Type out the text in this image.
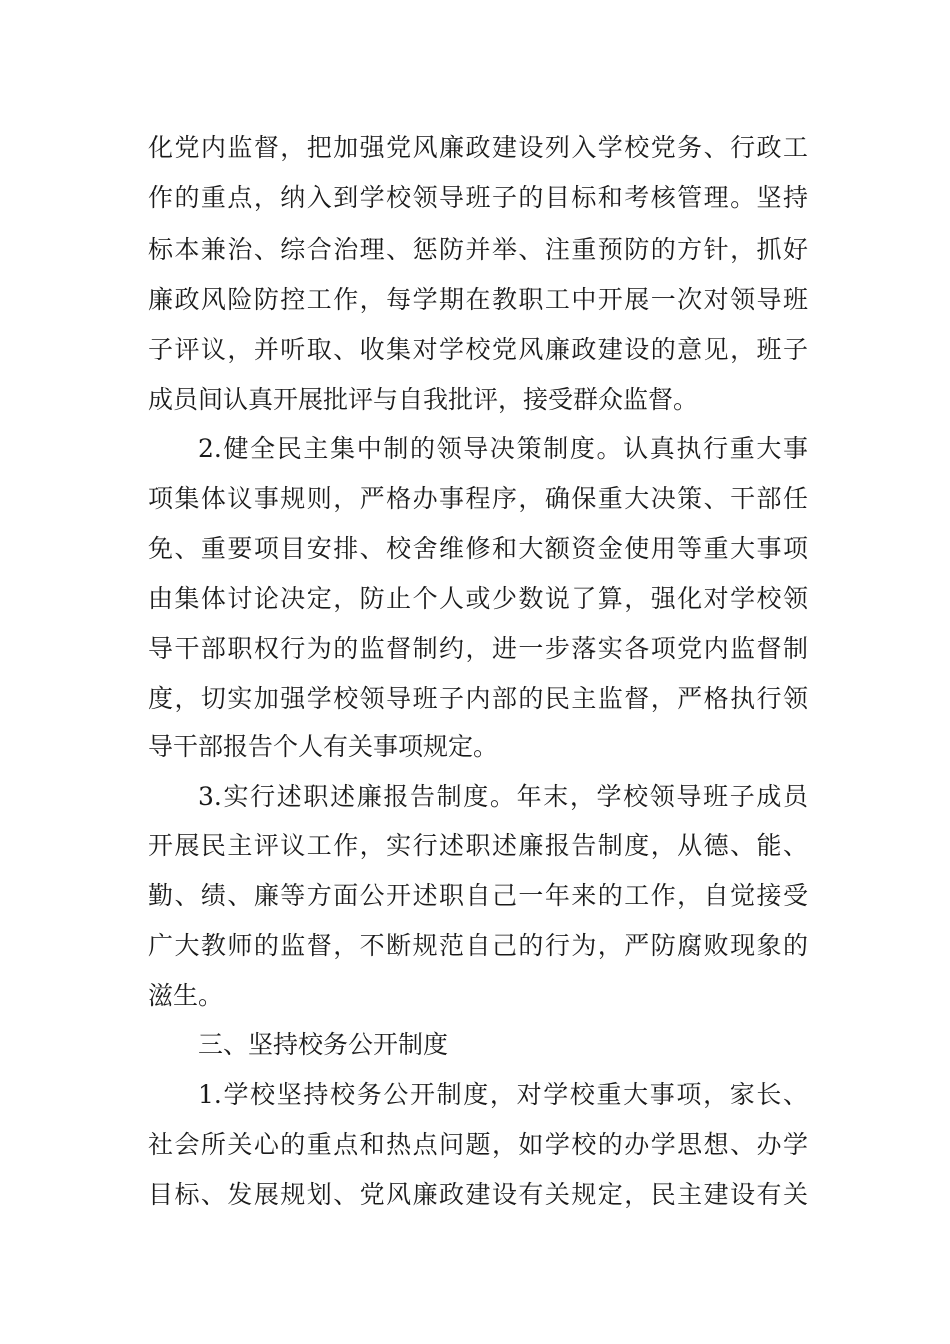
化党内监督，把加强党风廉政建设列入学校党务、行政工
作的重点，纳入到学校领导班子的目标和考核管理。坚持
标本兼治、综合治理、惩防并举、注重预防的方针，抓好
廉政风险防控工作，每学期在教职工中开展一次对领导班
子评议，并听取、收集对学校党风廉政建设的意见，班子
成员间认真开展批评与自我批评，接受群众监督。
2.健全民主集中制的领导决策制度。认真执行重大事
项集体议事规则，严格办事程序，确保重大决策、干部任
免、重要项目安排、校舍维修和大额资金使用等重大事项
由集体讨论决定，防止个人或少数说了算，强化对学校领
导干部职权行为的监督制约，进一步落实各项党内监督制
度，切实加强学校领导班子内部的民主监督，严格执行领
导干部报告个人有关事项规定。
3.实行述职述廉报告制度。年末，学校领导班子成员
开展民主评议工作，实行述职述廉报告制度，从德、能、
勤、绩、廉等方面公开述职自己一年来的工作，自觉接受
广大教师的监督，不断规范自己的行为，严防腐败现象的
滋生。
三、坚持校务公开制度
1.学校坚持校务公开制度，对学校重大事项，家长、
社会所关心的重点和热点问题，如学校的办学思想、办学
目标、发展规划、党风廉政建设有关规定，民主建设有关
